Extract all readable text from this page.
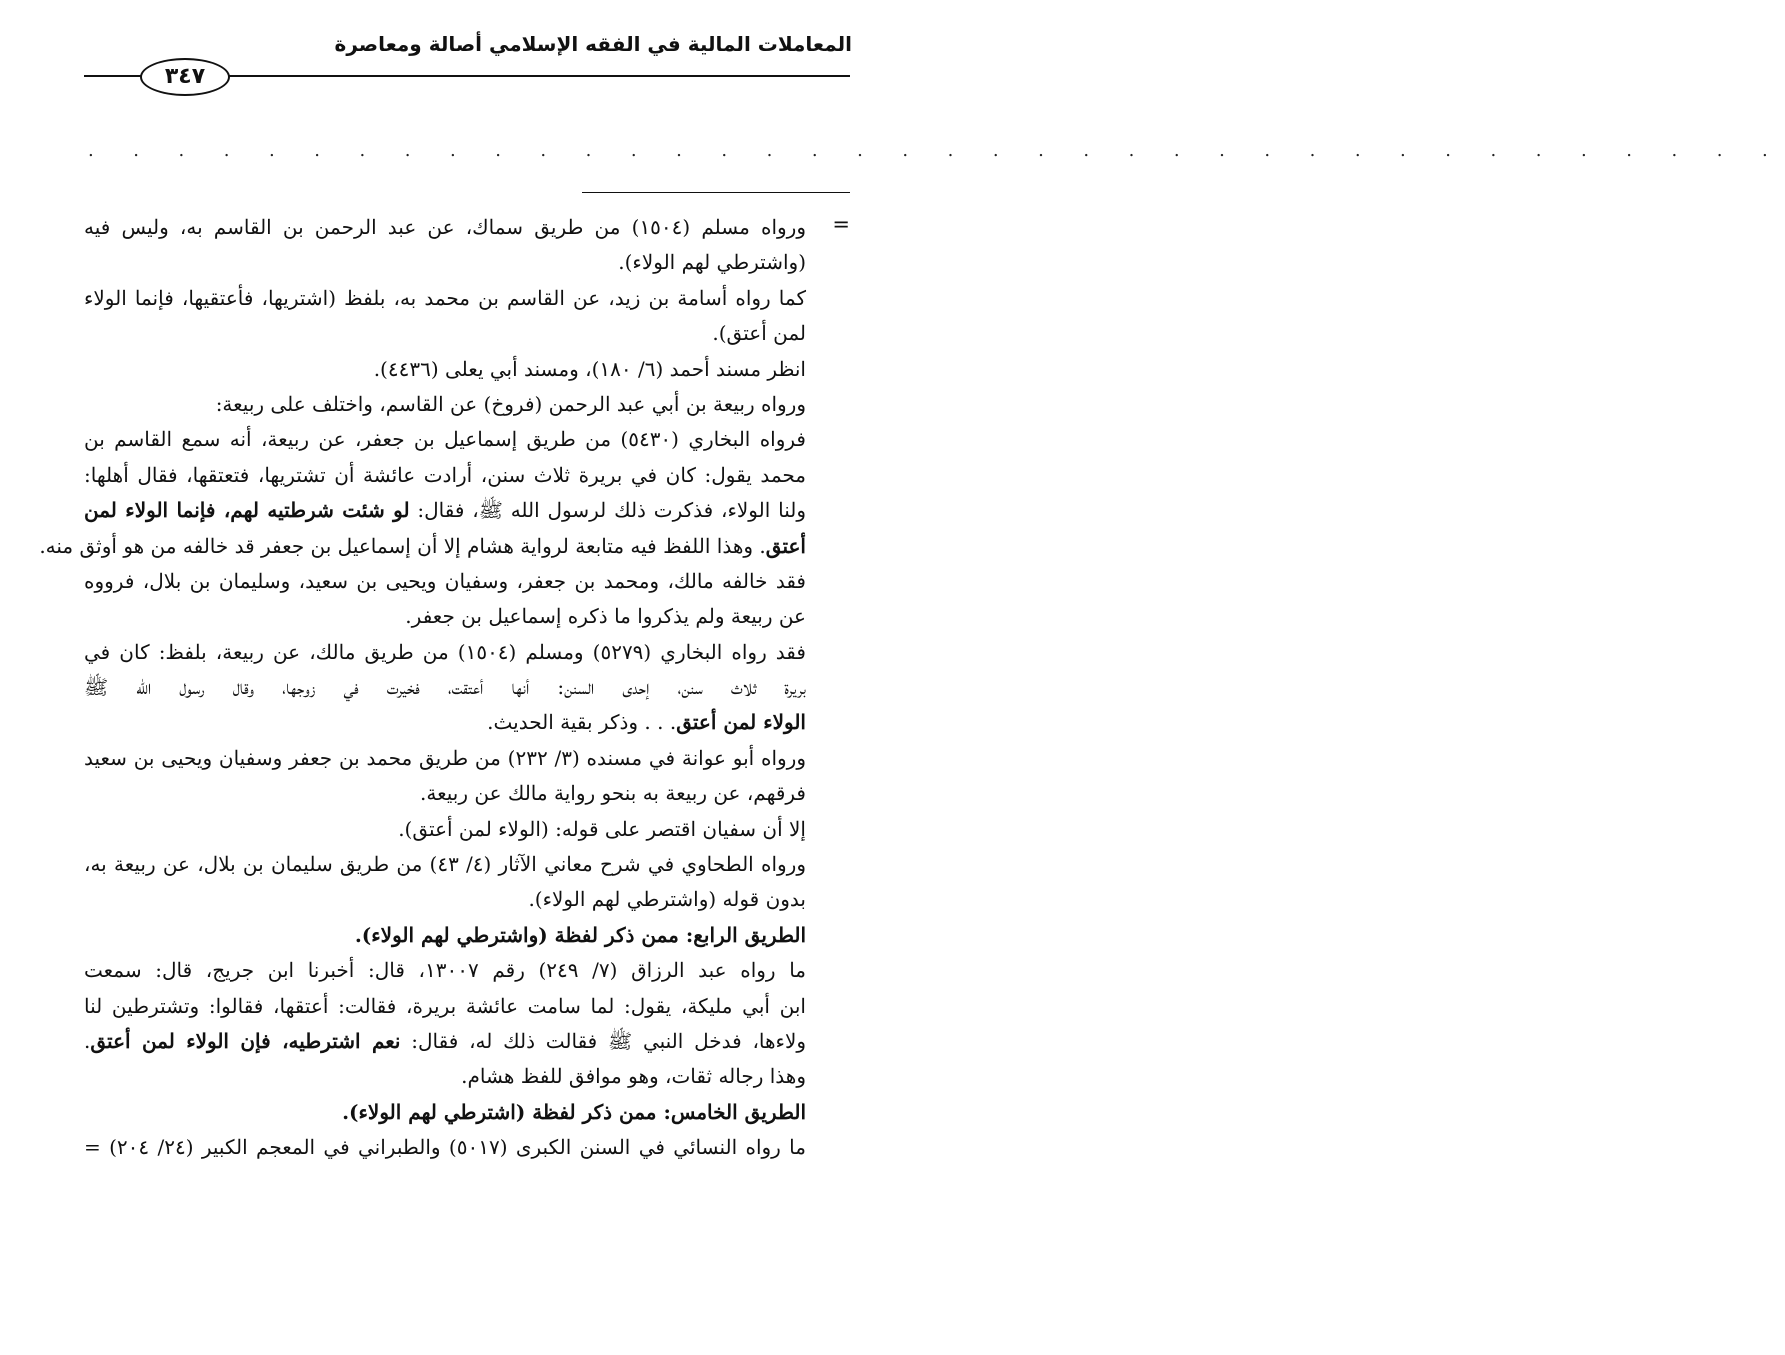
المعاملات المالية في الفقه الإسلامي أصالة ومعاصرة
٣٤٧
. . . . . . . . . . . . . . . . . . . . . . . . . . . . . . . . . . . . . .
=
ورواه مسلم (١٥٠٤) من طريق سماك، عن عبد الرحمن بن القاسم به، وليس فيه
(واشترطي لهم الولاء).
كما رواه أسامة بن زيد، عن القاسم بن محمد به، بلفظ (اشتريها، فأعتقيها، فإنما الولاء
لمن أعتق).
انظر مسند أحمد (٦/ ١٨٠)، ومسند أبي يعلى (٤٤٣٦).
ورواه ربيعة بن أبي عبد الرحمن (فروخ) عن القاسم، واختلف على ربيعة:
فرواه البخاري (٥٤٣٠) من طريق إسماعيل بن جعفر، عن ربيعة، أنه سمع القاسم بن
محمد يقول: كان في بريرة ثلاث سنن، أرادت عائشة أن تشتريها، فتعتقها، فقال أهلها:
ولنا الولاء، فذكرت ذلك لرسول الله ﷺ، فقال: لو شئت شرطتيه لهم، فإنما الولاء لمن
أعتق. وهذا اللفظ فيه متابعة لرواية هشام إلا أن إسماعيل بن جعفر قد خالفه من هو أوثق منه.
فقد خالفه مالك، ومحمد بن جعفر، وسفيان ويحيى بن سعيد، وسليمان بن بلال، فرووه
عن ربيعة ولم يذكروا ما ذكره إسماعيل بن جعفر.
فقد رواه البخاري (٥٢٧٩) ومسلم (١٥٠٤) من طريق مالك، عن ربيعة، بلفظ: كان في
بريرة ثلاث سنن، إحدى السنن: أنها أعتقت، فخيرت في زوجها، وقال رسول الله ﷺ
الولاء لمن أعتق. . . وذكر بقية الحديث.
ورواه أبو عوانة في مسنده (٣/ ٢٣٢) من طريق محمد بن جعفر وسفيان ويحيى بن سعيد
فرقهم، عن ربيعة به بنحو رواية مالك عن ربيعة.
إلا أن سفيان اقتصر على قوله: (الولاء لمن أعتق).
ورواه الطحاوي في شرح معاني الآثار (٤/ ٤٣) من طريق سليمان بن بلال، عن ربيعة به،
بدون قوله (واشترطي لهم الولاء).
الطريق الرابع: ممن ذكر لفظة (واشترطي لهم الولاء).
ما رواه عبد الرزاق (٧/ ٢٤٩) رقم ١٣٠٠٧، قال: أخبرنا ابن جريج، قال: سمعت
ابن أبي مليكة، يقول: لما سامت عائشة بريرة، فقالت: أعتقها، فقالوا: وتشترطين لنا
ولاءها، فدخل النبي ﷺ فقالت ذلك له، فقال: نعم اشترطيه، فإن الولاء لمن أعتق.
وهذا رجاله ثقات، وهو موافق للفظ هشام.
الطريق الخامس: ممن ذكر لفظة (اشترطي لهم الولاء).
ما رواه النسائي في السنن الكبرى (٥٠١٧) والطبراني في المعجم الكبير (٢٤/ ٢٠٤) =
